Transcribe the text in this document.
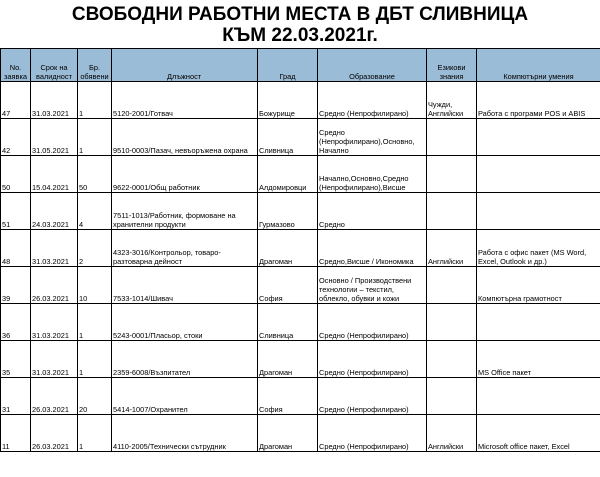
СВОБОДНИ РАБОТНИ МЕСТА В ДБТ СЛИВНИЦА
КЪМ 22.03.2021г.
No. заявка	Срок на валидност	Бр. обявени	Длъжност	Град	Образование	Езикови знания	Компютърни умения
47	31.03.2021	1	5120-2001/Готвач	Божурище	Средно (Непрофилирано)	Чужди, Английски	Работа с програми POS и ABIS
42	31.05.2021	1	9510-0003/Пазач, невъоръжена охрана	Сливница	Средно (Непрофилирано),Основно, Начално		
50	15.04.2021	50	9622-0001/Общ работник	Алдомировци	Начално,Основно,Средно (Непрофилирано),Висше		
51	24.03.2021	4	7511-1013/Работник, формоване на хранителни продукти	Гурмазово	Средно		
48	31.03.2021	2	4323-3016/Контрольор, товаро-разтоварна дейност	Драгоман	Средно,Висше / Икономика	Английски	Работа с офис пакет (MS Word, Excel, Outlook и др.)
39	26.03.2021	10	7533-1014/Шивач	София	Основно / Производствени технологии – текстил, облекло, обувки и кожи		Компютърна грамотност
36	31.03.2021	1	5243-0001/Пласьор, стоки	Сливница	Средно (Непрофилирано)		
35	31.03.2021	1	2359-6008/Възпитател	Драгоман	Средно (Непрофилирано)		MS Office пакет
31	26.03.2021	20	5414-1007/Охранител	София	Средно (Непрофилирано)		
11	26.03.2021	1	4110-2005/Технически сътрудник	Драгоман	Средно (Непрофилирано)	Английски	Microsoft office пакет, Excel
